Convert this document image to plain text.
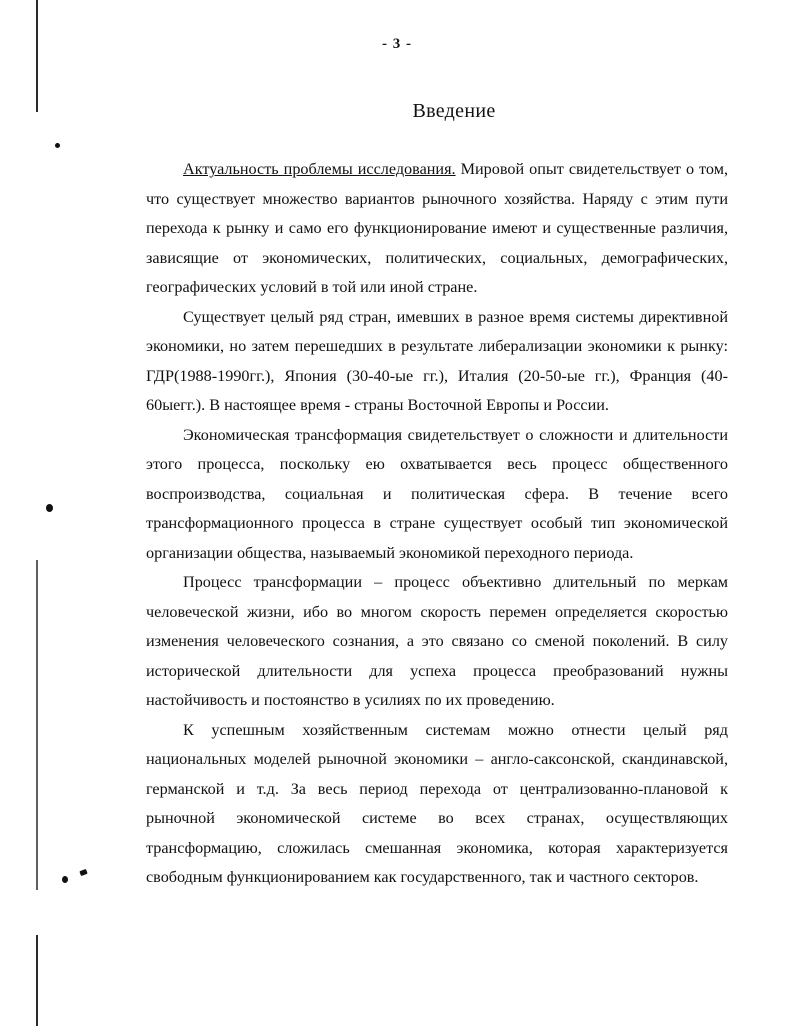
- 3 -
Введение

Актуальность проблемы исследования. Мировой опыт свидетельствует о том, что существует множество вариантов рыночного хозяйства. Наряду с этим пути перехода к рынку и само его функционирование имеют и существенные различия, зависящие от экономических, политических, социальных, демографических, географических условий в той или иной стране.

Существует целый ряд стран, имевших в разное время системы директивной экономики, но затем перешедших в результате либерализации экономики к рынку: ГДР(1988-1990гг.), Япония (30-40-ые гг.), Италия (20-50-ые гг.), Франция (40-60ыегг.). В настоящее время - страны Восточной Европы и России.

Экономическая трансформация свидетельствует о сложности и длительности этого процесса, поскольку ею охватывается весь процесс общественного воспроизводства, социальная и политическая сфера. В течение всего трансформационного процесса в стране существует особый тип экономической организации общества, называемый экономикой переходного периода.

Процесс трансформации – процесс объективно длительный по меркам человеческой жизни, ибо во многом скорость перемен определяется скоростью изменения человеческого сознания, а это связано со сменой поколений. В силу исторической длительности для успеха процесса преобразований нужны настойчивость и постоянство в усилиях по их проведению.

К успешным хозяйственным системам можно отнести целый ряд национальных моделей рыночной экономики – англо-саксонской, скандинавской, германской и т.д. За весь период перехода от централизованно-плановой к рыночной экономической системе во всех странах, осуществляющих трансформацию, сложилась смешанная экономика, которая характеризуется свободным функционированием как государственного, так и частного секторов.
